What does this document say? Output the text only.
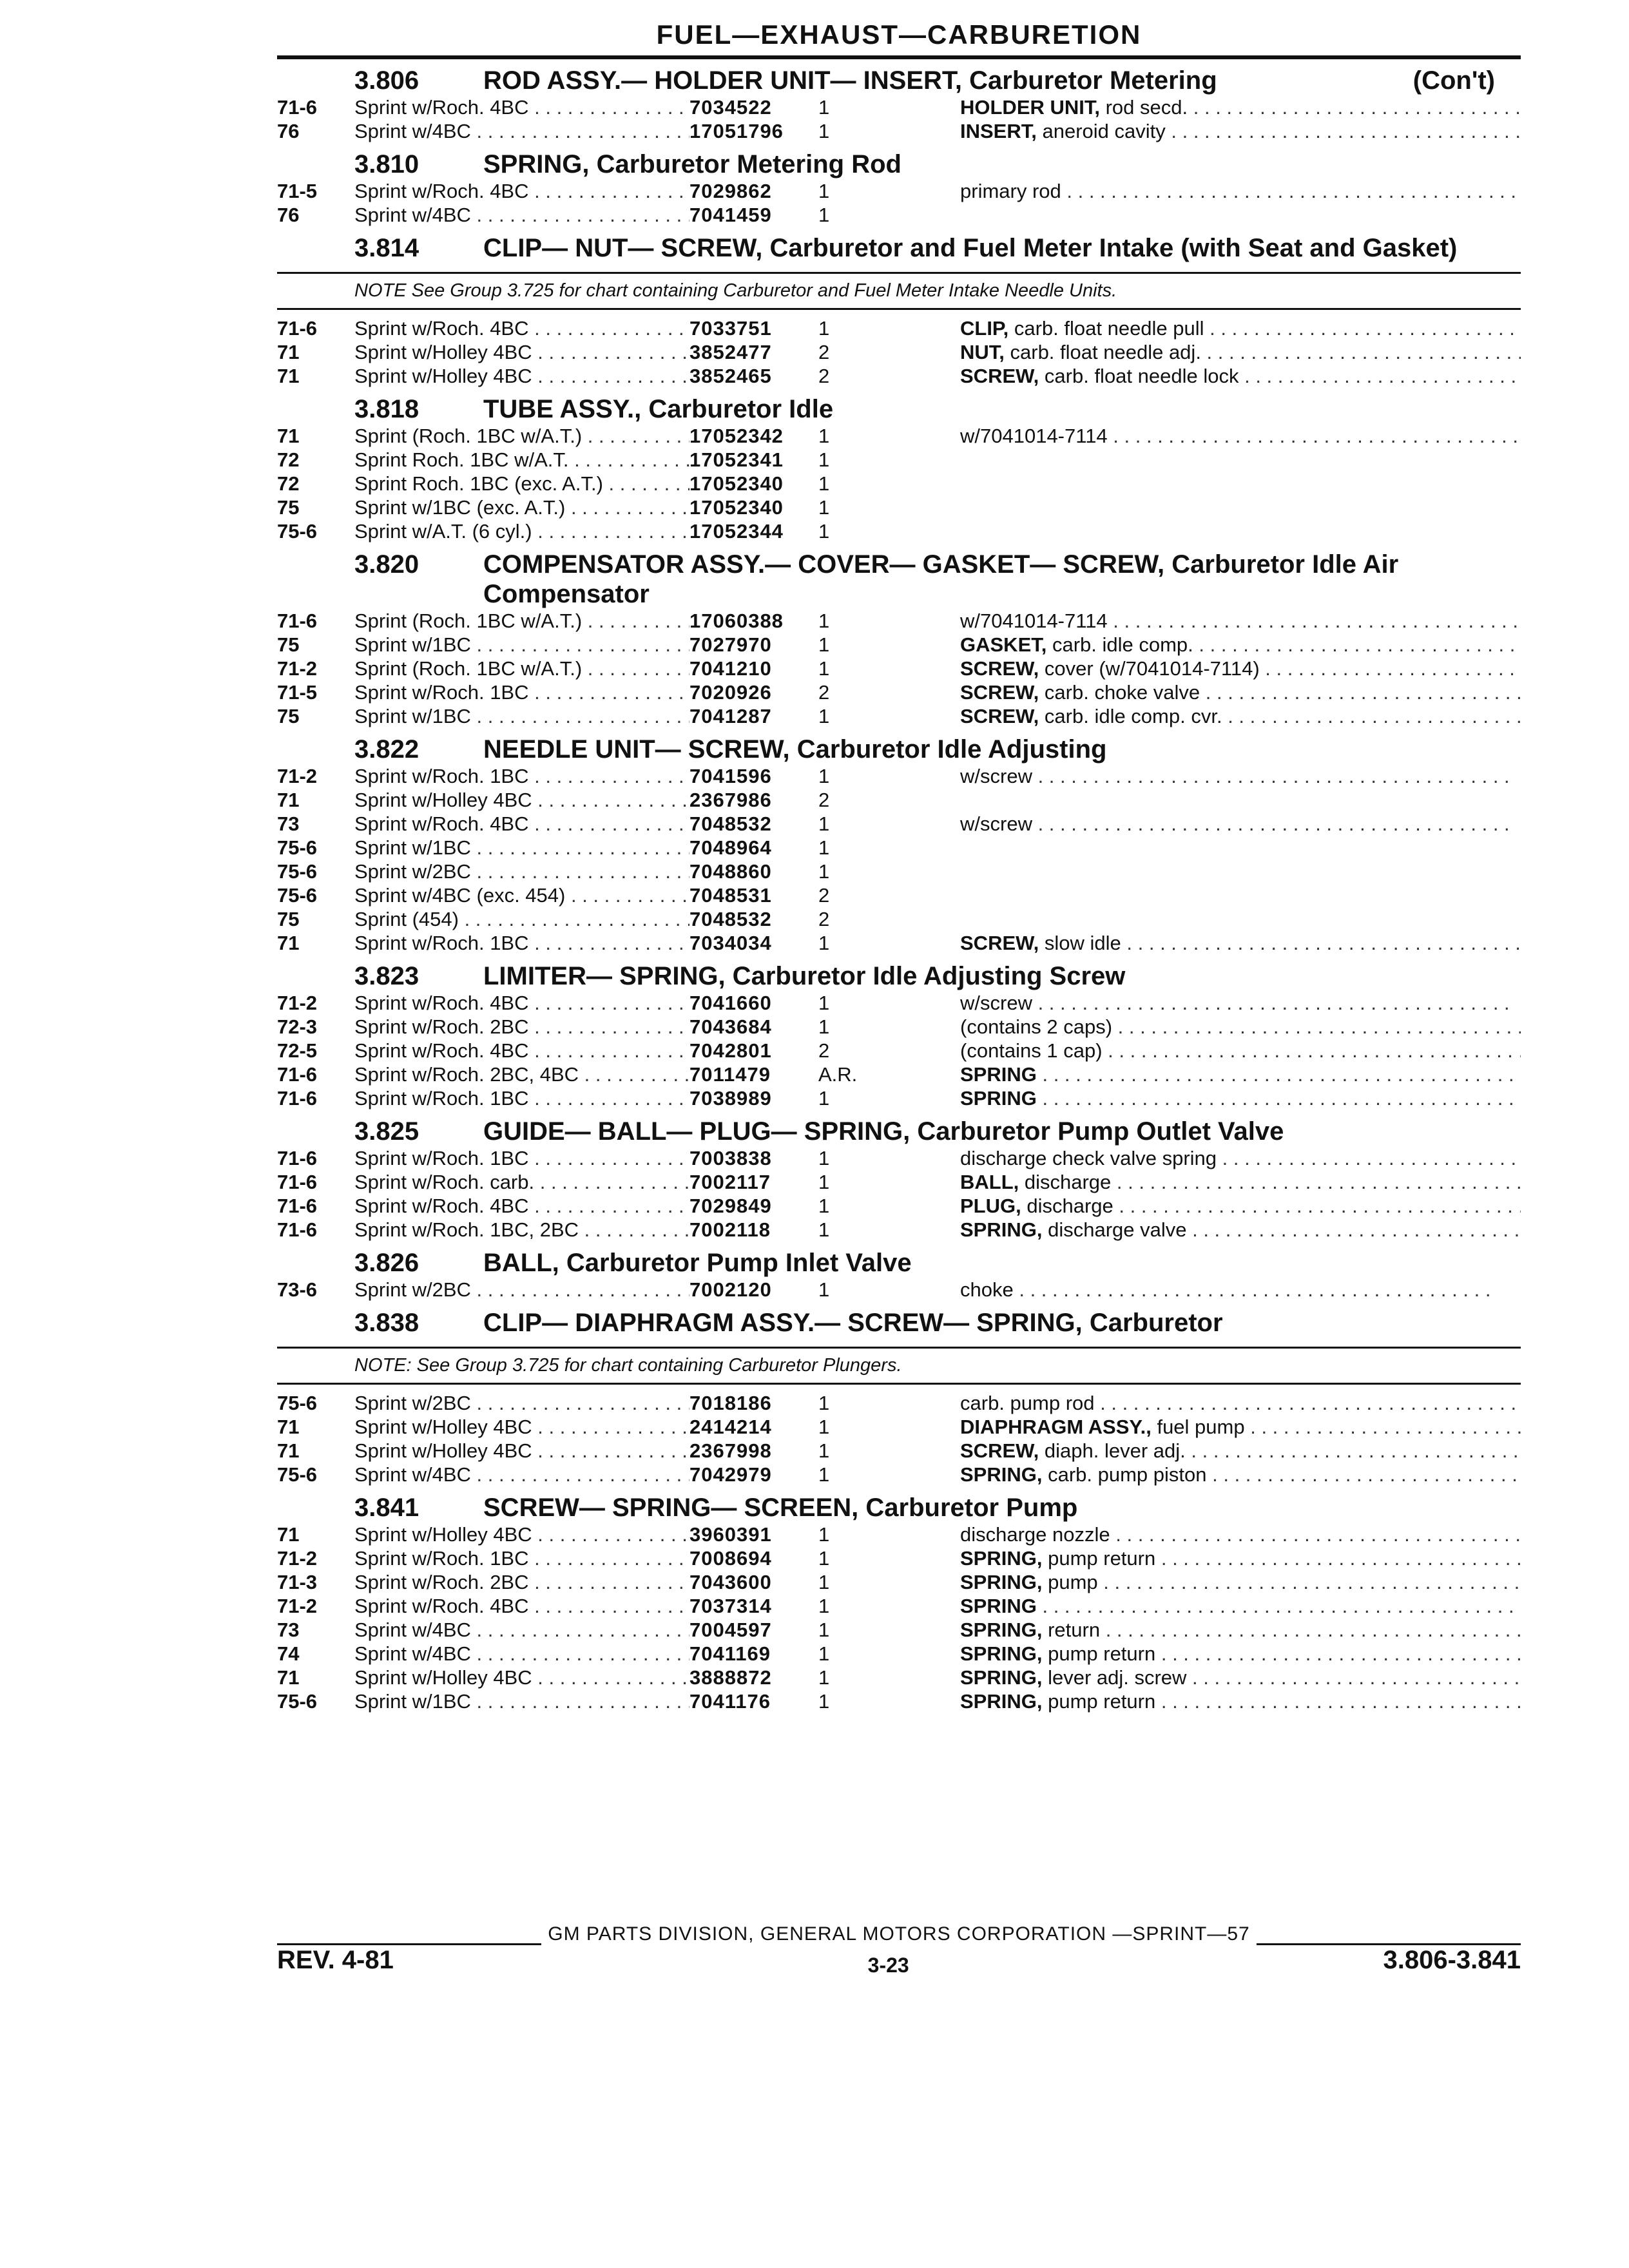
FUEL—EXHAUST—CARBURETION
3.806	ROD ASSY.— HOLDER UNIT— INSERT, Carburetor Metering	(Con't)
71-6	Sprint w/Roch. 4BC . . .	7034522	1	HOLDER UNIT, rod secd. . . .
76	Sprint w/4BC . . .	17051796	1	INSERT, aneroid cavity . . .
3.810	SPRING, Carburetor Metering Rod
71-5	Sprint w/Roch. 4BC . . .	7029862	1	primary rod . . .
76	Sprint w/4BC . . .	7041459	1
3.814	CLIP— NUT— SCREW, Carburetor and Fuel Meter Intake (with Seat and Gasket)
NOTE See Group 3.725 for chart containing Carburetor and Fuel Meter Intake Needle Units.
71-6	Sprint w/Roch. 4BC . . .	7033751	1	CLIP, carb. float needle pull . . .
71	Sprint w/Holley 4BC . . .	3852477	2	NUT, carb. float needle adj. . . .
71	Sprint w/Holley 4BC . . .	3852465	2	SCREW, carb. float needle lock . . .
3.818	TUBE ASSY., Carburetor Idle
71	Sprint (Roch. 1BC w/A.T.) . . .	17052342	1	w/7041014-7114 . . .
72	Sprint Roch. 1BC w/A.T. . . .	17052341	1
72	Sprint Roch. 1BC (exc. A.T.) . . .	17052340	1
75	Sprint w/1BC (exc. A.T.) . . .	17052340	1
75-6	Sprint w/A.T. (6 cyl.) . . .	17052344	1
3.820	COMPENSATOR ASSY.— COVER— GASKET— SCREW, Carburetor Idle Air Compensator
71-6	Sprint (Roch. 1BC w/A.T.) . . .	17060388	1	w/7041014-7114 . . .
75	Sprint w/1BC . . .	7027970	1	GASKET, carb. idle comp. . . .
71-2	Sprint (Roch. 1BC w/A.T.) . . .	7041210	1	SCREW, cover (w/7041014-7114) . . .
71-5	Sprint w/Roch. 1BC . . .	7020926	2	SCREW, carb. choke valve . . .
75	Sprint w/1BC . . .	7041287	1	SCREW, carb. idle comp. cvr. . . .
3.822	NEEDLE UNIT— SCREW, Carburetor Idle Adjusting
71-2	Sprint w/Roch. 1BC . . .	7041596	1	w/screw . . .
71	Sprint w/Holley 4BC . . .	2367986	2
73	Sprint w/Roch. 4BC . . .	7048532	1	w/screw . . .
75-6	Sprint w/1BC . . .	7048964	1
75-6	Sprint w/2BC . . .	7048860	1
75-6	Sprint w/4BC (exc. 454) . . .	7048531	2
75	Sprint (454) . . .	7048532	2
71	Sprint w/Roch. 1BC . . .	7034034	1	SCREW, slow idle . . .
3.823	LIMITER— SPRING, Carburetor Idle Adjusting Screw
71-2	Sprint w/Roch. 4BC . . .	7041660	1	w/screw . . .
72-3	Sprint w/Roch. 2BC . . .	7043684	1	(contains 2 caps) . . .
72-5	Sprint w/Roch. 4BC . . .	7042801	2	(contains 1 cap) . . .
71-6	Sprint w/Roch. 2BC, 4BC . . .	7011479	A.R.	SPRING . . .
71-6	Sprint w/Roch. 1BC . . .	7038989	1	SPRING . . .
3.825	GUIDE— BALL— PLUG— SPRING, Carburetor Pump Outlet Valve
71-6	Sprint w/Roch. 1BC . . .	7003838	1	discharge check valve spring . . .
71-6	Sprint w/Roch. carb. . . .	7002117	1	BALL, discharge . . .
71-6	Sprint w/Roch. 4BC . . .	7029849	1	PLUG, discharge . . .
71-6	Sprint w/Roch. 1BC, 2BC . . .	7002118	1	SPRING, discharge valve . . .
3.826	BALL, Carburetor Pump Inlet Valve
73-6	Sprint w/2BC . . .	7002120	1	choke . . .
3.838	CLIP— DIAPHRAGM ASSY.— SCREW— SPRING, Carburetor
NOTE: See Group 3.725 for chart containing Carburetor Plungers.
75-6	Sprint w/2BC . . .	7018186	1	carb. pump rod . . .
71	Sprint w/Holley 4BC . . .	2414214	1	DIAPHRAGM ASSY., fuel pump . . .
71	Sprint w/Holley 4BC . . .	2367998	1	SCREW, diaph. lever adj. . . .
75-6	Sprint w/4BC . . .	7042979	1	SPRING, carb. pump piston . . .
3.841	SCREW— SPRING— SCREEN, Carburetor Pump
71	Sprint w/Holley 4BC . . .	3960391	1	discharge nozzle . . .
71-2	Sprint w/Roch. 1BC . . .	7008694	1	SPRING, pump return . . .
71-3	Sprint w/Roch. 2BC . . .	7043600	1	SPRING, pump . . .
71-2	Sprint w/Roch. 4BC . . .	7037314	1	SPRING . . .
73	Sprint w/4BC . . .	7004597	1	SPRING, return . . .
74	Sprint w/4BC . . .	7041169	1	SPRING, pump return . . .
71	Sprint w/Holley 4BC . . .	3888872	1	SPRING, lever adj. screw . . .
75-6	Sprint w/1BC . . .	7041176	1	SPRING, pump return . . .
GM PARTS DIVISION, GENERAL MOTORS CORPORATION —SPRINT—57
REV. 4-81	3-23	3.806-3.841
